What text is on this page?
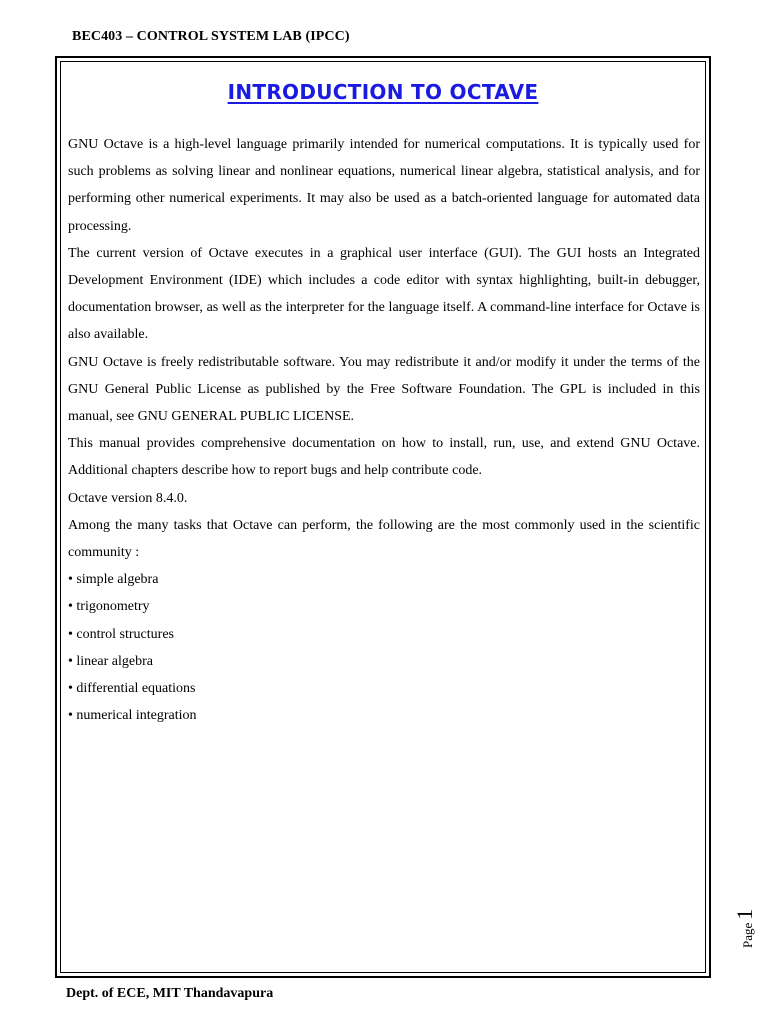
BEC403 – CONTROL SYSTEM LAB (IPCC)
INTRODUCTION TO OCTAVE

GNU Octave is a high-level language primarily intended for numerical computations. It is typically used for such problems as solving linear and nonlinear equations, numerical linear algebra, statistical analysis, and for performing other numerical experiments. It may also be used as a batch-oriented language for automated data processing.

The current version of Octave executes in a graphical user interface (GUI). The GUI hosts an Integrated Development Environment (IDE) which includes a code editor with syntax highlighting, built-in debugger, documentation browser, as well as the interpreter for the language itself. A command-line interface for Octave is also available.

GNU Octave is freely redistributable software. You may redistribute it and/or modify it under the terms of the GNU General Public License as published by the Free Software Foundation. The GPL is included in this manual, see GNU GENERAL PUBLIC LICENSE.

This manual provides comprehensive documentation on how to install, run, use, and extend GNU Octave. Additional chapters describe how to report bugs and help contribute code.

Octave version 8.4.0.

Among the many tasks that Octave can perform, the following are the most commonly used in the scientific community :

• simple algebra
• trigonometry
• control structures
• linear algebra
• differential equations
• numerical integration
Page1
Dept. of ECE, MIT Thandavapura
